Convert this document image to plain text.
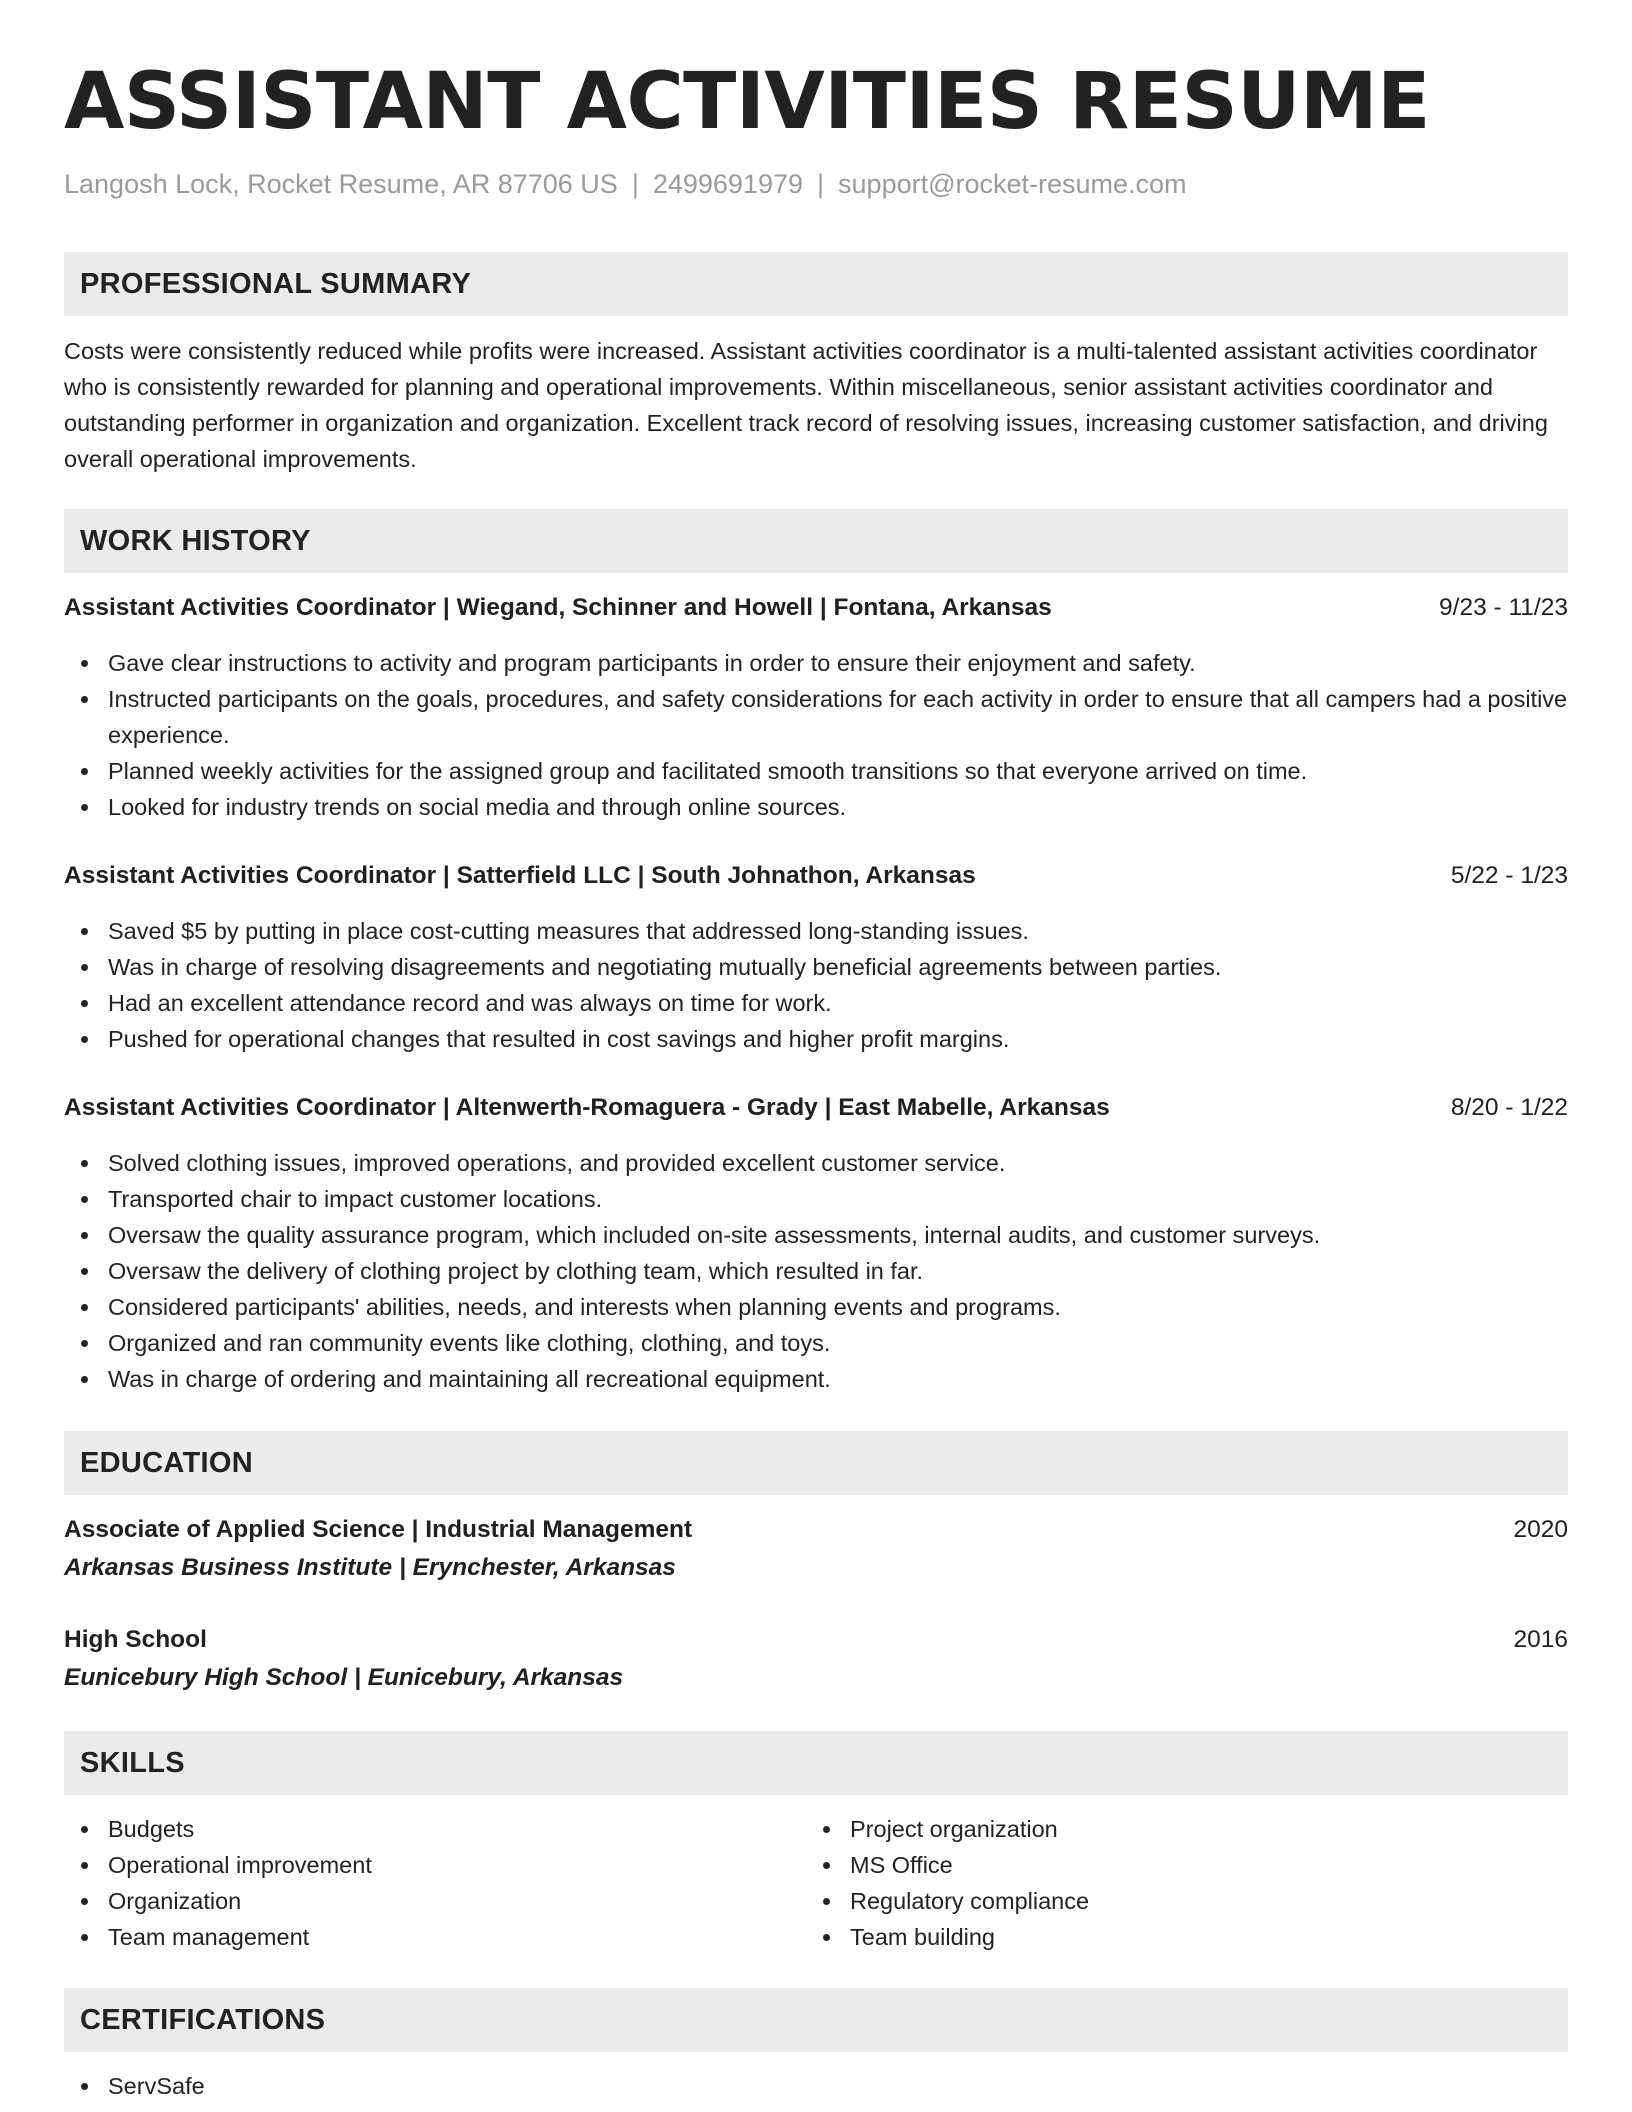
ASSISTANT ACTIVITIES RESUME
Langosh Lock, Rocket Resume, AR 87706 US | 2499691979 | support@rocket-resume.com
PROFESSIONAL SUMMARY

Costs were consistently reduced while profits were increased. Assistant activities coordinator is a multi-talented assistant activities coordinator who is consistently rewarded for planning and operational improvements. Within miscellaneous, senior assistant activities coordinator and outstanding performer in organization and organization. Excellent track record of resolving issues, increasing customer satisfaction, and driving overall operational improvements.

WORK HISTORY
Assistant Activities Coordinator | Wiegand, Schinner and Howell | Fontana, Arkansas	9/23 - 11/23
Gave clear instructions to activity and program participants in order to ensure their enjoyment and safety.
Instructed participants on the goals, procedures, and safety considerations for each activity in order to ensure that all campers had a positive experience.
Planned weekly activities for the assigned group and facilitated smooth transitions so that everyone arrived on time.
Looked for industry trends on social media and through online sources.
Assistant Activities Coordinator | Satterfield LLC | South Johnathon, Arkansas	5/22 - 1/23
Saved $5 by putting in place cost-cutting measures that addressed long-standing issues.
Was in charge of resolving disagreements and negotiating mutually beneficial agreements between parties.
Had an excellent attendance record and was always on time for work.
Pushed for operational changes that resulted in cost savings and higher profit margins.
Assistant Activities Coordinator | Altenwerth-Romaguera - Grady | East Mabelle, Arkansas	8/20 - 1/22
Solved clothing issues, improved operations, and provided excellent customer service.
Transported chair to impact customer locations.
Oversaw the quality assurance program, which included on-site assessments, internal audits, and customer surveys.
Oversaw the delivery of clothing project by clothing team, which resulted in far.
Considered participants' abilities, needs, and interests when planning events and programs.
Organized and ran community events like clothing, clothing, and toys.
Was in charge of ordering and maintaining all recreational equipment.
EDUCATION
Associate of Applied Science | Industrial Management	2020
Arkansas Business Institute | Erynchester, Arkansas
High School	2016
Eunicebury High School | Eunicebury, Arkansas
SKILLS
Budgets
Operational improvement
Organization
Team management
Project organization
MS Office
Regulatory compliance
Team building
CERTIFICATIONS
ServSafe
